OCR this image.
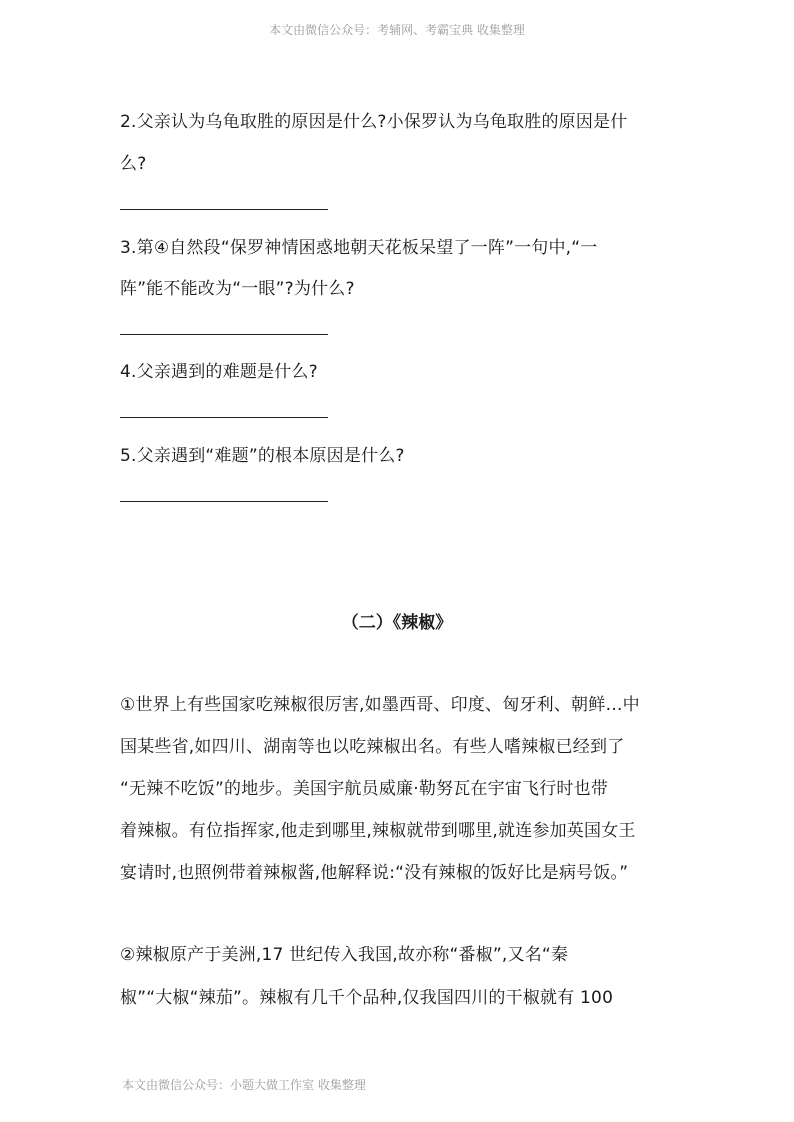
本文由微信公众号：考辅网、考霸宝典 收集整理
2.父亲认为乌龟取胜的原因是什么?小保罗认为乌龟取胜的原因是什
么?
3.第④自然段“保罗神情困惑地朝天花板呆望了一阵”一句中,“一
阵”能不能改为“一眼”?为什么?
4.父亲遇到的难题是什么?
5.父亲遇到“难题”的根本原因是什么?
（二）《辣椒》
①世界上有些国家吃辣椒很厉害,如墨西哥、印度、匈牙利、朝鲜…中
国某些省,如四川、湖南等也以吃辣椒出名。有些人嗜辣椒已经到了
“无辣不吃饭”的地步。美国宇航员威廉·勒努瓦在宇宙飞行时也带
着辣椒。有位指挥家,他走到哪里,辣椒就带到哪里,就连参加英国女王
宴请时,也照例带着辣椒酱,他解释说:“没有辣椒的饭好比是病号饭。”
②辣椒原产于美洲,17 世纪传入我国,故亦称“番椒”,又名“秦
椒”“大椒“辣茄”。辣椒有几千个品种,仅我国四川的干椒就有 100
本文由微信公众号：小题大做工作室 收集整理
